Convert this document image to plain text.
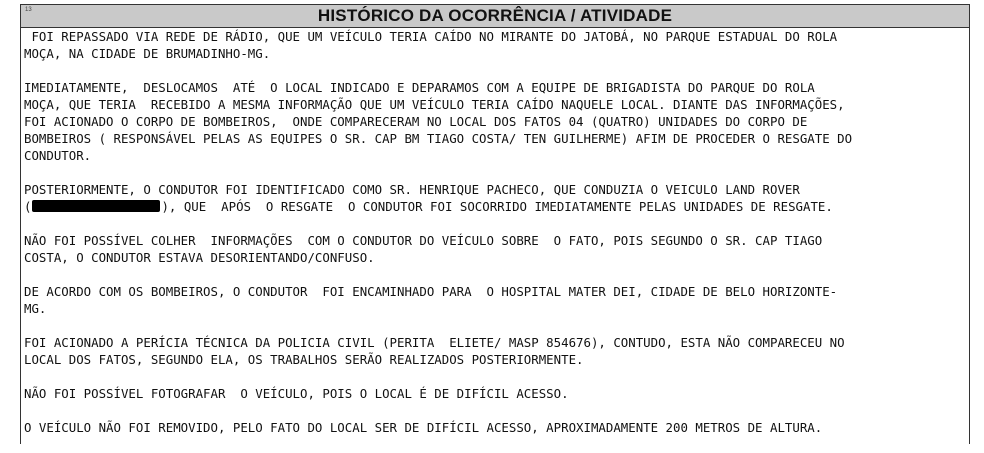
13	HISTÓRICO DA OCORRÊNCIA / ATIVIDADE

FOI REPASSADO VIA REDE DE RÁDIO, QUE UM VEÍCULO TERIA CAÍDO NO MIRANTE DO JATOBÁ, NO PARQUE ESTADUAL DO ROLA
MOÇA, NA CIDADE DE BRUMADINHO-MG.

IMEDIATAMENTE,  DESLOCAMOS  ATÉ  O LOCAL INDICADO E DEPARAMOS COM A EQUIPE DE BRIGADISTA DO PARQUE DO ROLA
MOÇA, QUE TERIA  RECEBIDO A MESMA INFORMAÇÃO QUE UM VEÍCULO TERIA CAÍDO NAQUELE LOCAL. DIANTE DAS INFORMAÇÕES,
FOI ACIONADO O CORPO DE BOMBEIROS,  ONDE COMPARECERAM NO LOCAL DOS FATOS 04 (QUATRO) UNIDADES DO CORPO DE
BOMBEIROS ( RESPONSÁVEL PELAS AS EQUIPES O SR. CAP BM TIAGO COSTA/ TEN GUILHERME) AFIM DE PROCEDER O RESGATE DO
CONDUTOR.

POSTERIORMENTE, O CONDUTOR FOI IDENTIFICADO COMO SR. HENRIQUE PACHECO, QUE CONDUZIA O VEICULO LAND ROVER
(	), QUE  APÓS  O RESGATE  O CONDUTOR FOI SOCORRIDO IMEDIATAMENTE PELAS UNIDADES DE RESGATE.

NÃO FOI POSSÍVEL COLHER  INFORMAÇÕES  COM O CONDUTOR DO VEÍCULO SOBRE  O FATO, POIS SEGUNDO O SR. CAP TIAGO
COSTA, O CONDUTOR ESTAVA DESORIENTANDO/CONFUSO.

DE ACORDO COM OS BOMBEIROS, O CONDUTOR  FOI ENCAMINHADO PARA  O HOSPITAL MATER DEI, CIDADE DE BELO HORIZONTE-
MG.

FOI ACIONADO A PERÍCIA TÉCNICA DA POLICIA CIVIL (PERITA  ELIETE/ MASP 854676), CONTUDO, ESTA NÃO COMPARECEU NO
LOCAL DOS FATOS, SEGUNDO ELA, OS TRABALHOS SERÃO REALIZADOS POSTERIORMENTE.

NÃO FOI POSSÍVEL FOTOGRAFAR  O VEÍCULO, POIS O LOCAL É DE DIFÍCIL ACESSO.

O VEÍCULO NÃO FOI REMOVIDO, PELO FATO DO LOCAL SER DE DIFÍCIL ACESSO, APROXIMADAMENTE 200 METROS DE ALTURA.
